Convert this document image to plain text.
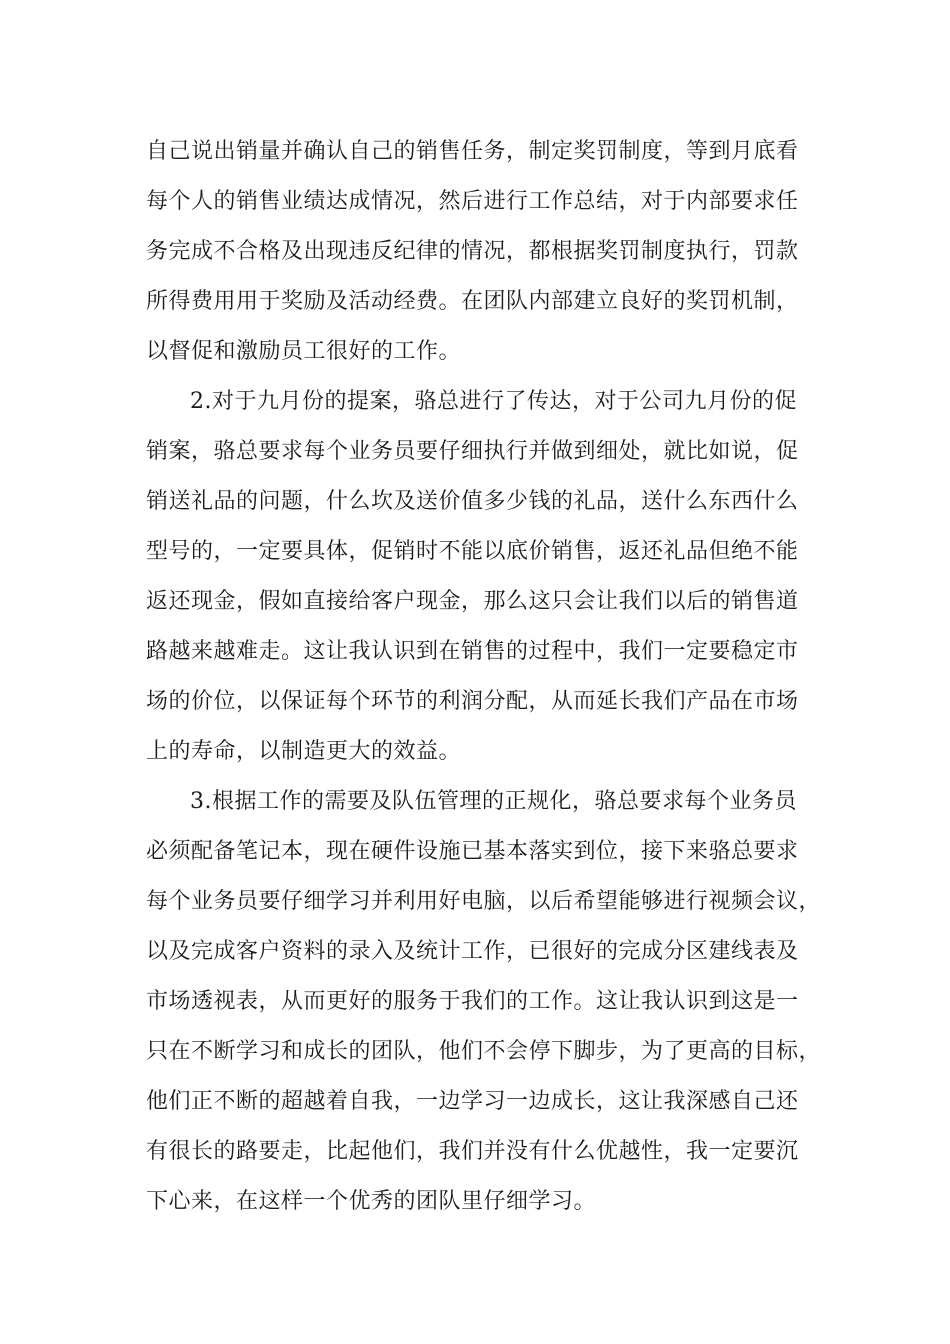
自己说出销量并确认自己的销售任务，制定奖罚制度，等到月底看
每个人的销售业绩达成情况，然后进行工作总结，对于内部要求任
务完成不合格及出现违反纪律的情况，都根据奖罚制度执行，罚款
所得费用用于奖励及活动经费。在团队内部建立良好的奖罚机制，
以督促和激励员工很好的工作。
2.对于九月份的提案，骆总进行了传达，对于公司九月份的促
销案，骆总要求每个业务员要仔细执行并做到细处，就比如说，促
销送礼品的问题，什么坎及送价值多少钱的礼品，送什么东西什么
型号的，一定要具体，促销时不能以底价销售，返还礼品但绝不能
返还现金，假如直接给客户现金，那么这只会让我们以后的销售道
路越来越难走。这让我认识到在销售的过程中，我们一定要稳定市
场的价位，以保证每个环节的利润分配，从而延长我们产品在市场
上的寿命，以制造更大的效益。
3.根据工作的需要及队伍管理的正规化，骆总要求每个业务员
必须配备笔记本，现在硬件设施已基本落实到位，接下来骆总要求
每个业务员要仔细学习并利用好电脑，以后希望能够进行视频会议，
以及完成客户资料的录入及统计工作，已很好的完成分区建线表及
市场透视表，从而更好的服务于我们的工作。这让我认识到这是一
只在不断学习和成长的团队，他们不会停下脚步，为了更高的目标，
他们正不断的超越着自我，一边学习一边成长，这让我深感自己还
有很长的路要走，比起他们，我们并没有什么优越性，我一定要沉
下心来，在这样一个优秀的团队里仔细学习。
